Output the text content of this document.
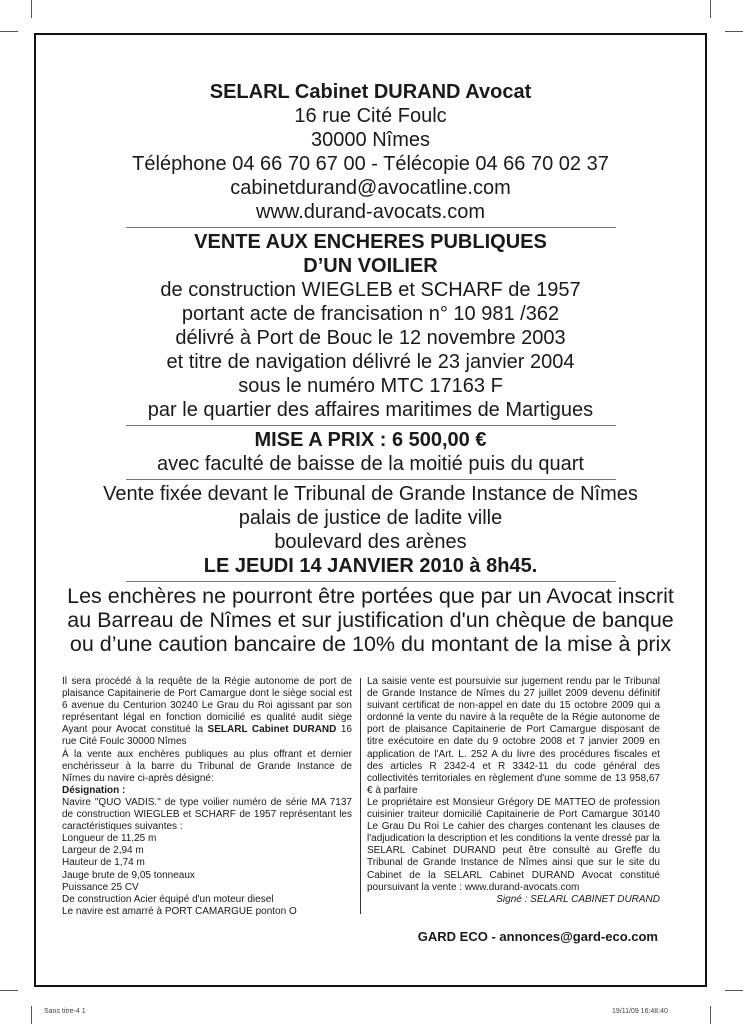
SELARL Cabinet DURAND Avocat

16 rue Cité Foulc

30000 Nîmes

Téléphone 04 66 70 67 00 - Télécopie 04 66 70 02 37

cabinetdurand@avocatline.com

www.durand-avocats.com

VENTE AUX ENCHERES PUBLIQUES

D’UN VOILIER

de construction WIEGLEB et SCHARF de 1957

portant acte de francisation n° 10 981 /362

délivré à Port de Bouc le 12 novembre 2003

et titre de navigation délivré le 23 janvier 2004

sous le numéro MTC 17163 F

par le quartier des affaires maritimes de Martigues

MISE A PRIX : 6 500,00 €

avec faculté de baisse de la moitié puis du quart

Vente fixée devant le Tribunal de Grande Instance de Nîmes

palais de justice de ladite ville

boulevard des arènes

LE JEUDI 14 JANVIER 2010 à 8h45.

Les enchères ne pourront être portées que par un Avocat inscrit

au Barreau de Nîmes et sur justification d'un chèque de banque

ou d’une caution bancaire de 10% du montant de la mise à prix

Il sera procédé à la requête de la Régie autonome de port de plaisance Capitainerie de Port Camargue dont le siège social est 6 avenue du Centurion 30240 Le Grau du Roi agissant par son représentant légal en fonction domicilié es qualité audit siège Ayant pour Avocat constitué la SELARL Cabinet DURAND 16 rue Cité Foulc 30000 Nîmes

À la vente aux enchères publiques au plus offrant et dernier enchérisseur à la barre du Tribunal de Grande Instance de Nîmes du navire ci-après désigné:

Désignation :

Navire "QUO VADIS." de type voilier numéro de série MA 7137 de construction WIEGLEB et SCHARF de 1957 représentant les caractéristiques suivantes :

Longueur de 11,25 m

Largeur de 2,94 m

Hauteur de 1,74 m

Jauge brute de 9,05 tonneaux

Puissance 25 CV

De construction Acier équipé d'un moteur diesel

Le navire est amarré à PORT CAMARGUE ponton O

La saisie vente est poursuivie sur jugement rendu par le Tribunal de Grande Instance de Nîmes du 27 juillet 2009 devenu définitif suivant certificat de non-appel en date du 15 octobre 2009 qui a ordonné la vente du navire à la requête de la Régie autonome de port de plaisance Capitainerie de Port Camargue disposant de titre exécutoire en date du 9 octobre 2008 et 7 janvier 2009 en application de l'Art. L. 252 A du livre des procédures fiscales et des articles R 2342-4 et R 3342-11 du code général des collectivités territoriales en règlement d'une somme de 13 958,67 € à parfaire

Le propriétaire est Monsieur Grégory DE MATTEO de profession cuisinier traiteur domicilié Capitainerie de Port Camargue 30140 Le Grau Du Roi Le cahier des charges contenant les clauses de l'adjudication la description et les conditions la vente dressé par la SELARL Cabinet DURAND peut être consulté au Greffe du Tribunal de Grande Instance de Nîmes ainsi que sur le site du Cabinet de la SELARL Cabinet DURAND Avocat constitué poursuivant la vente : www.durand-avocats.com

Signé : SELARL CABINET DURAND

GARD ECO - annonces@gard-eco.com
Sans titre-4 1	19/11/09 16:48:40
